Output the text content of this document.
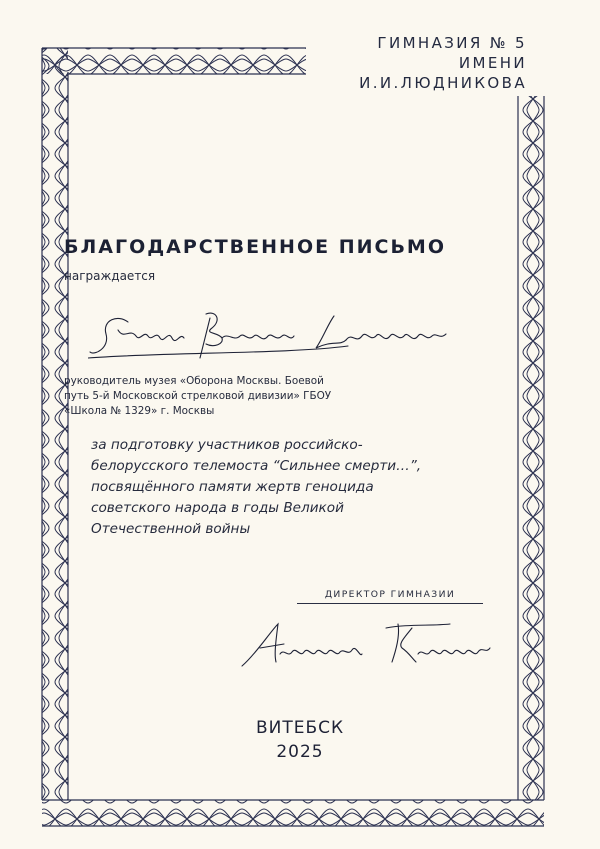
ГИМНАЗИЯ № 5
ИМЕНИ
И.И.ЛЮДНИКОВА
БЛАГОДАРСТВЕННОЕ ПИСЬМО
награждается
руководитель музея «Оборона Москвы. Боевой
путь 5-й Московской стрелковой дивизии» ГБОУ
«Школа № 1329» г. Москвы
за подготовку участников российско-
белорусского телемоста “Сильнее смерти…”,
посвящённого памяти жертв геноцида
советского народа в годы Великой
Отечественной войны
ДИРЕКТОР ГИМНАЗИИ
ВИТЕБСК
2025
